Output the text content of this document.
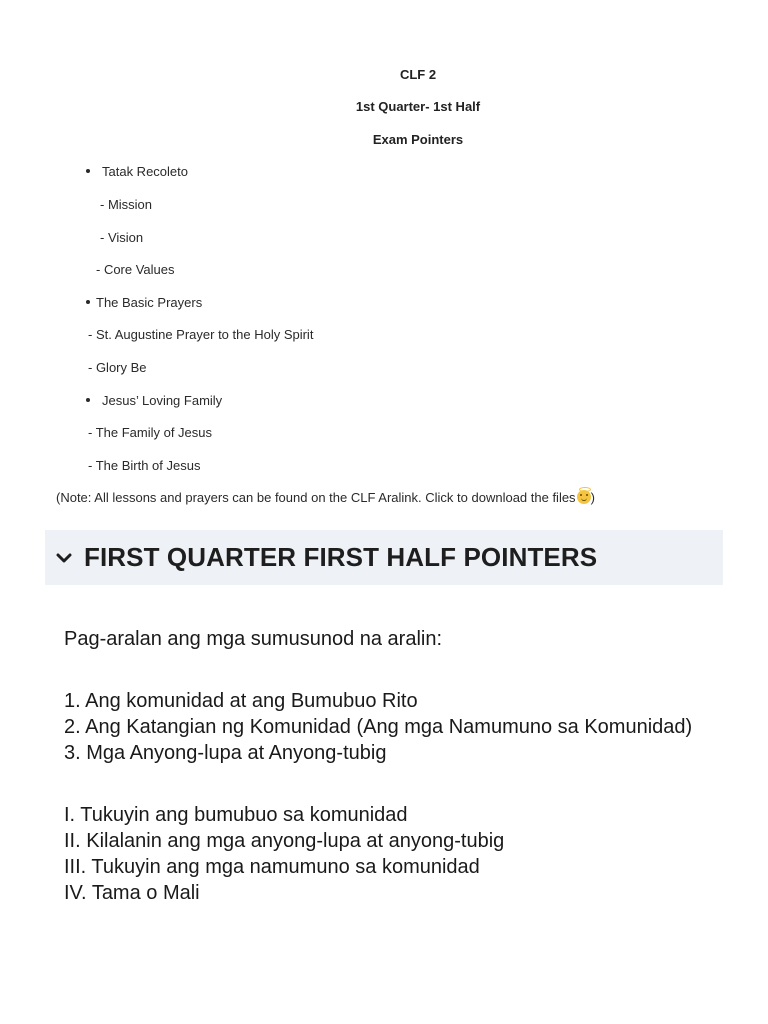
CLF 2
1st Quarter- 1st Half
Exam Pointers
Tatak Recoleto
- Mission
- Vision
- Core Values
The Basic Prayers
- St. Augustine Prayer to the Holy Spirit
- Glory Be
Jesus’ Loving Family
- The Family of Jesus
- The Birth of Jesus
(Note: All lessons and prayers can be found on the CLF Aralink. Click to download the files )
FIRST QUARTER FIRST HALF POINTERS
Pag-aralan ang mga sumusunod na aralin:
1. Ang komunidad at ang Bumubuo Rito
2. Ang Katangian ng Komunidad (Ang mga Namumuno sa Komunidad)
3. Mga Anyong-lupa at Anyong-tubig
I. Tukuyin ang bumubuo sa komunidad
II. Kilalanin ang mga anyong-lupa at anyong-tubig
III. Tukuyin ang mga namumuno sa komunidad
IV. Tama o Mali
